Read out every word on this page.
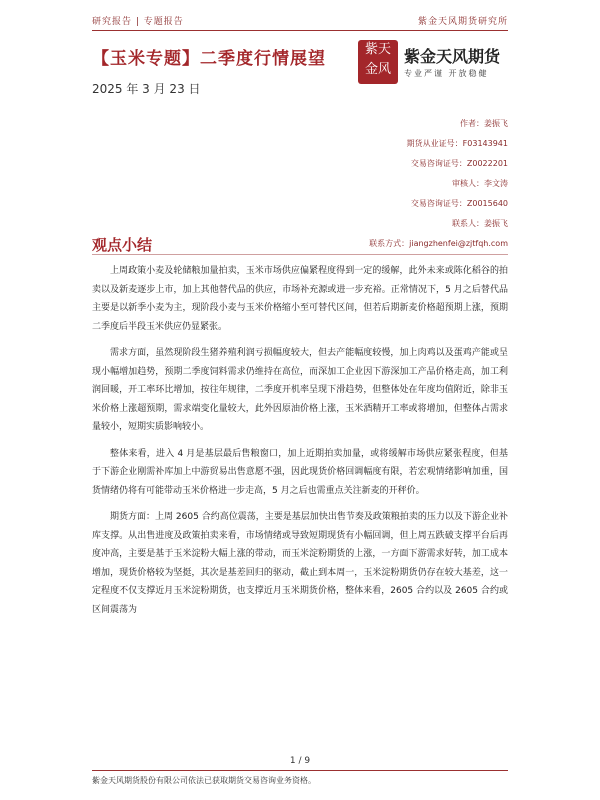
研究报告 | 专题报告	紫金天风期货研究所
【玉米专题】二季度行情展望
2025 年 3 月 23 日
紫天
金风
紫金天风期货
专业严谨 开放稳健
作者：姜振飞
期货从业证号：F03143941
交易咨询证号：Z0022201
审核人：李文涛
交易咨询证号：Z0015640
联系人：姜振飞
联系方式：jiangzhenfei@zjtfqh.com
观点小结

上周政策小麦及轮储粮加量拍卖，玉米市场供应偏紧程度得到一定的缓解，此外未来或陈化稻谷的拍卖以及新麦逐步上市，加上其他替代品的供应，市场补充源或进一步充裕。正常情况下，5 月之后替代品主要是以新季小麦为主，现阶段小麦与玉米价格缩小至可替代区间，但若后期新麦价格超预期上涨，预期二季度后半段玉米供应仍显紧张。

需求方面，虽然现阶段生猪养殖利润亏损幅度较大，但去产能幅度较慢，加上肉鸡以及蛋鸡产能或呈现小幅增加趋势，预期二季度饲料需求仍维持在高位，而深加工企业因下游深加工产品价格走高，加工利润回暖，开工率环比增加，按往年规律，二季度开机率呈现下滑趋势，但整体处在年度均值附近，除非玉米价格上涨超预期，需求端变化量较大，此外因原油价格上涨，玉米酒精开工率或将增加，但整体占需求量较小，短期实质影响较小。

整体来看，进入 4 月是基层最后售粮窗口，加上近期拍卖加量，或将缓解市场供应紧张程度，但基于下游企业刚需补库加上中游贸易出售意愿不强，因此现货价格回调幅度有限，若宏观情绪影响加重，国货情绪仍将有可能带动玉米价格进一步走高，5 月之后也需重点关注新麦的开秤价。

期货方面：上周 2605 合约高位震荡，主要是基层加快出售节奏及政策粮拍卖的压力以及下游企业补库支撑。从出售进度及政策拍卖来看，市场情绪或导致短期现货有小幅回调，但上周五跌破支撑平台后再度冲高，主要是基于玉米淀粉大幅上涨的带动，而玉米淀粉期货的上涨，一方面下游需求好转，加工成本增加，现货价格较为坚挺，其次是基差回归的驱动，截止到本周一，玉米淀粉期货仍存在较大基差，这一定程度不仅支撑近月玉米淀粉期货，也支撑近月玉米期货价格，整体来看，2605 合约以及 2605 合约或区间震荡为

1 / 9
紫金天风期货股份有限公司依法已获取期货交易咨询业务资格。
